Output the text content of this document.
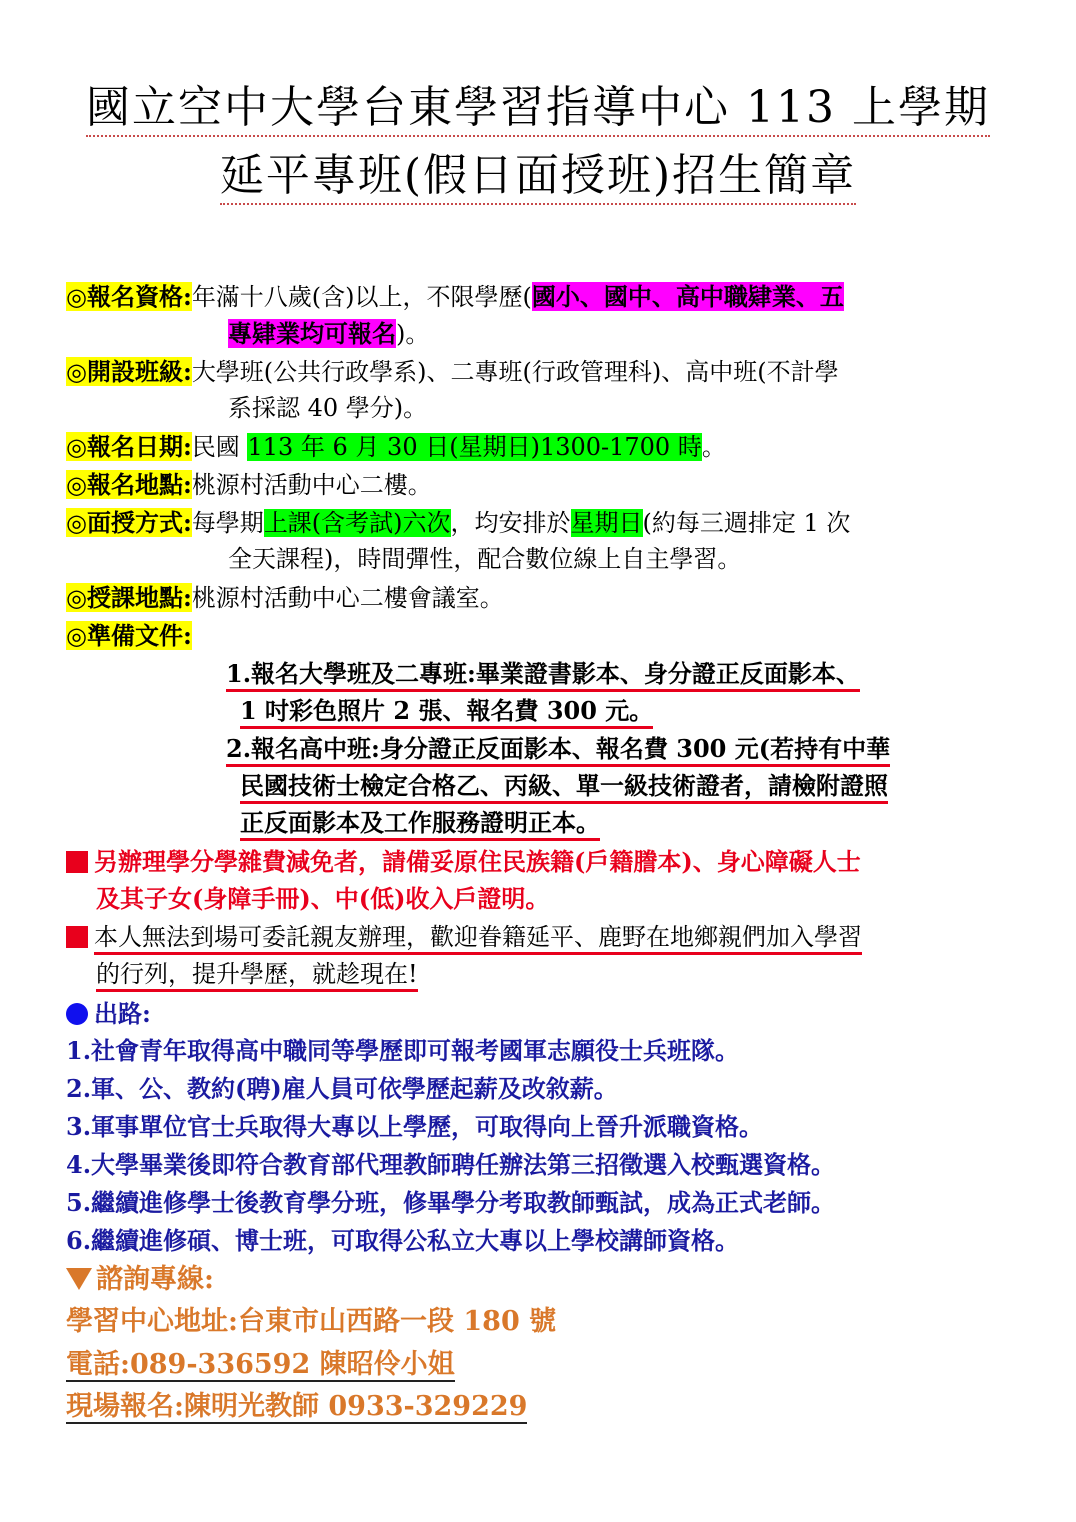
國立空中大學台東學習指導中心 113 上學期
延平專班(假日面授班)招生簡章
◎報名資格:年滿十八歲(含)以上，不限學歷(國小、國中、高中職肄業、五
專肄業均可報名)。
◎開設班級:大學班(公共行政學系)、二專班(行政管理科)、高中班(不計學
系採認 40 學分)。
◎報名日期:民國 113 年 6 月 30 日(星期日)1300-1700 時。
◎報名地點:桃源村活動中心二樓。
◎面授方式:每學期上課(含考試)六次，均安排於星期日(約每三週排定 1 次
全天課程)，時間彈性，配合數位線上自主學習。
◎授課地點:桃源村活動中心二樓會議室。
◎準備文件:
1.報名大學班及二專班:畢業證書影本、身分證正反面影本、
1 吋彩色照片 2 張、報名費 300 元。
2.報名高中班:身分證正反面影本、報名費 300 元(若持有中華
民國技術士檢定合格乙、丙級、單一級技術證者，請檢附證照
正反面影本及工作服務證明正本。
另辦理學分學雜費減免者，請備妥原住民族籍(戶籍謄本)、身心障礙人士
及其子女(身障手冊)、中(低)收入戶證明。
本人無法到場可委託親友辦理，歡迎眷籍延平、鹿野在地鄉親們加入學習
的行列，提升學歷，就趁現在!
出路:
1.社會青年取得高中職同等學歷即可報考國軍志願役士兵班隊。
2.軍、公、教約(聘)雇人員可依學歷起薪及改敘薪。
3.軍事單位官士兵取得大專以上學歷，可取得向上晉升派職資格。
4.大學畢業後即符合教育部代理教師聘任辦法第三招徵選入校甄選資格。
5.繼續進修學士後教育學分班，修畢學分考取教師甄試，成為正式老師。
6.繼續進修碩、博士班，可取得公私立大專以上學校講師資格。
諮詢專線:
學習中心地址:台東市山西路一段 180 號
電話:089-336592 陳昭伶小姐
現場報名:陳明光教師 0933-329229
